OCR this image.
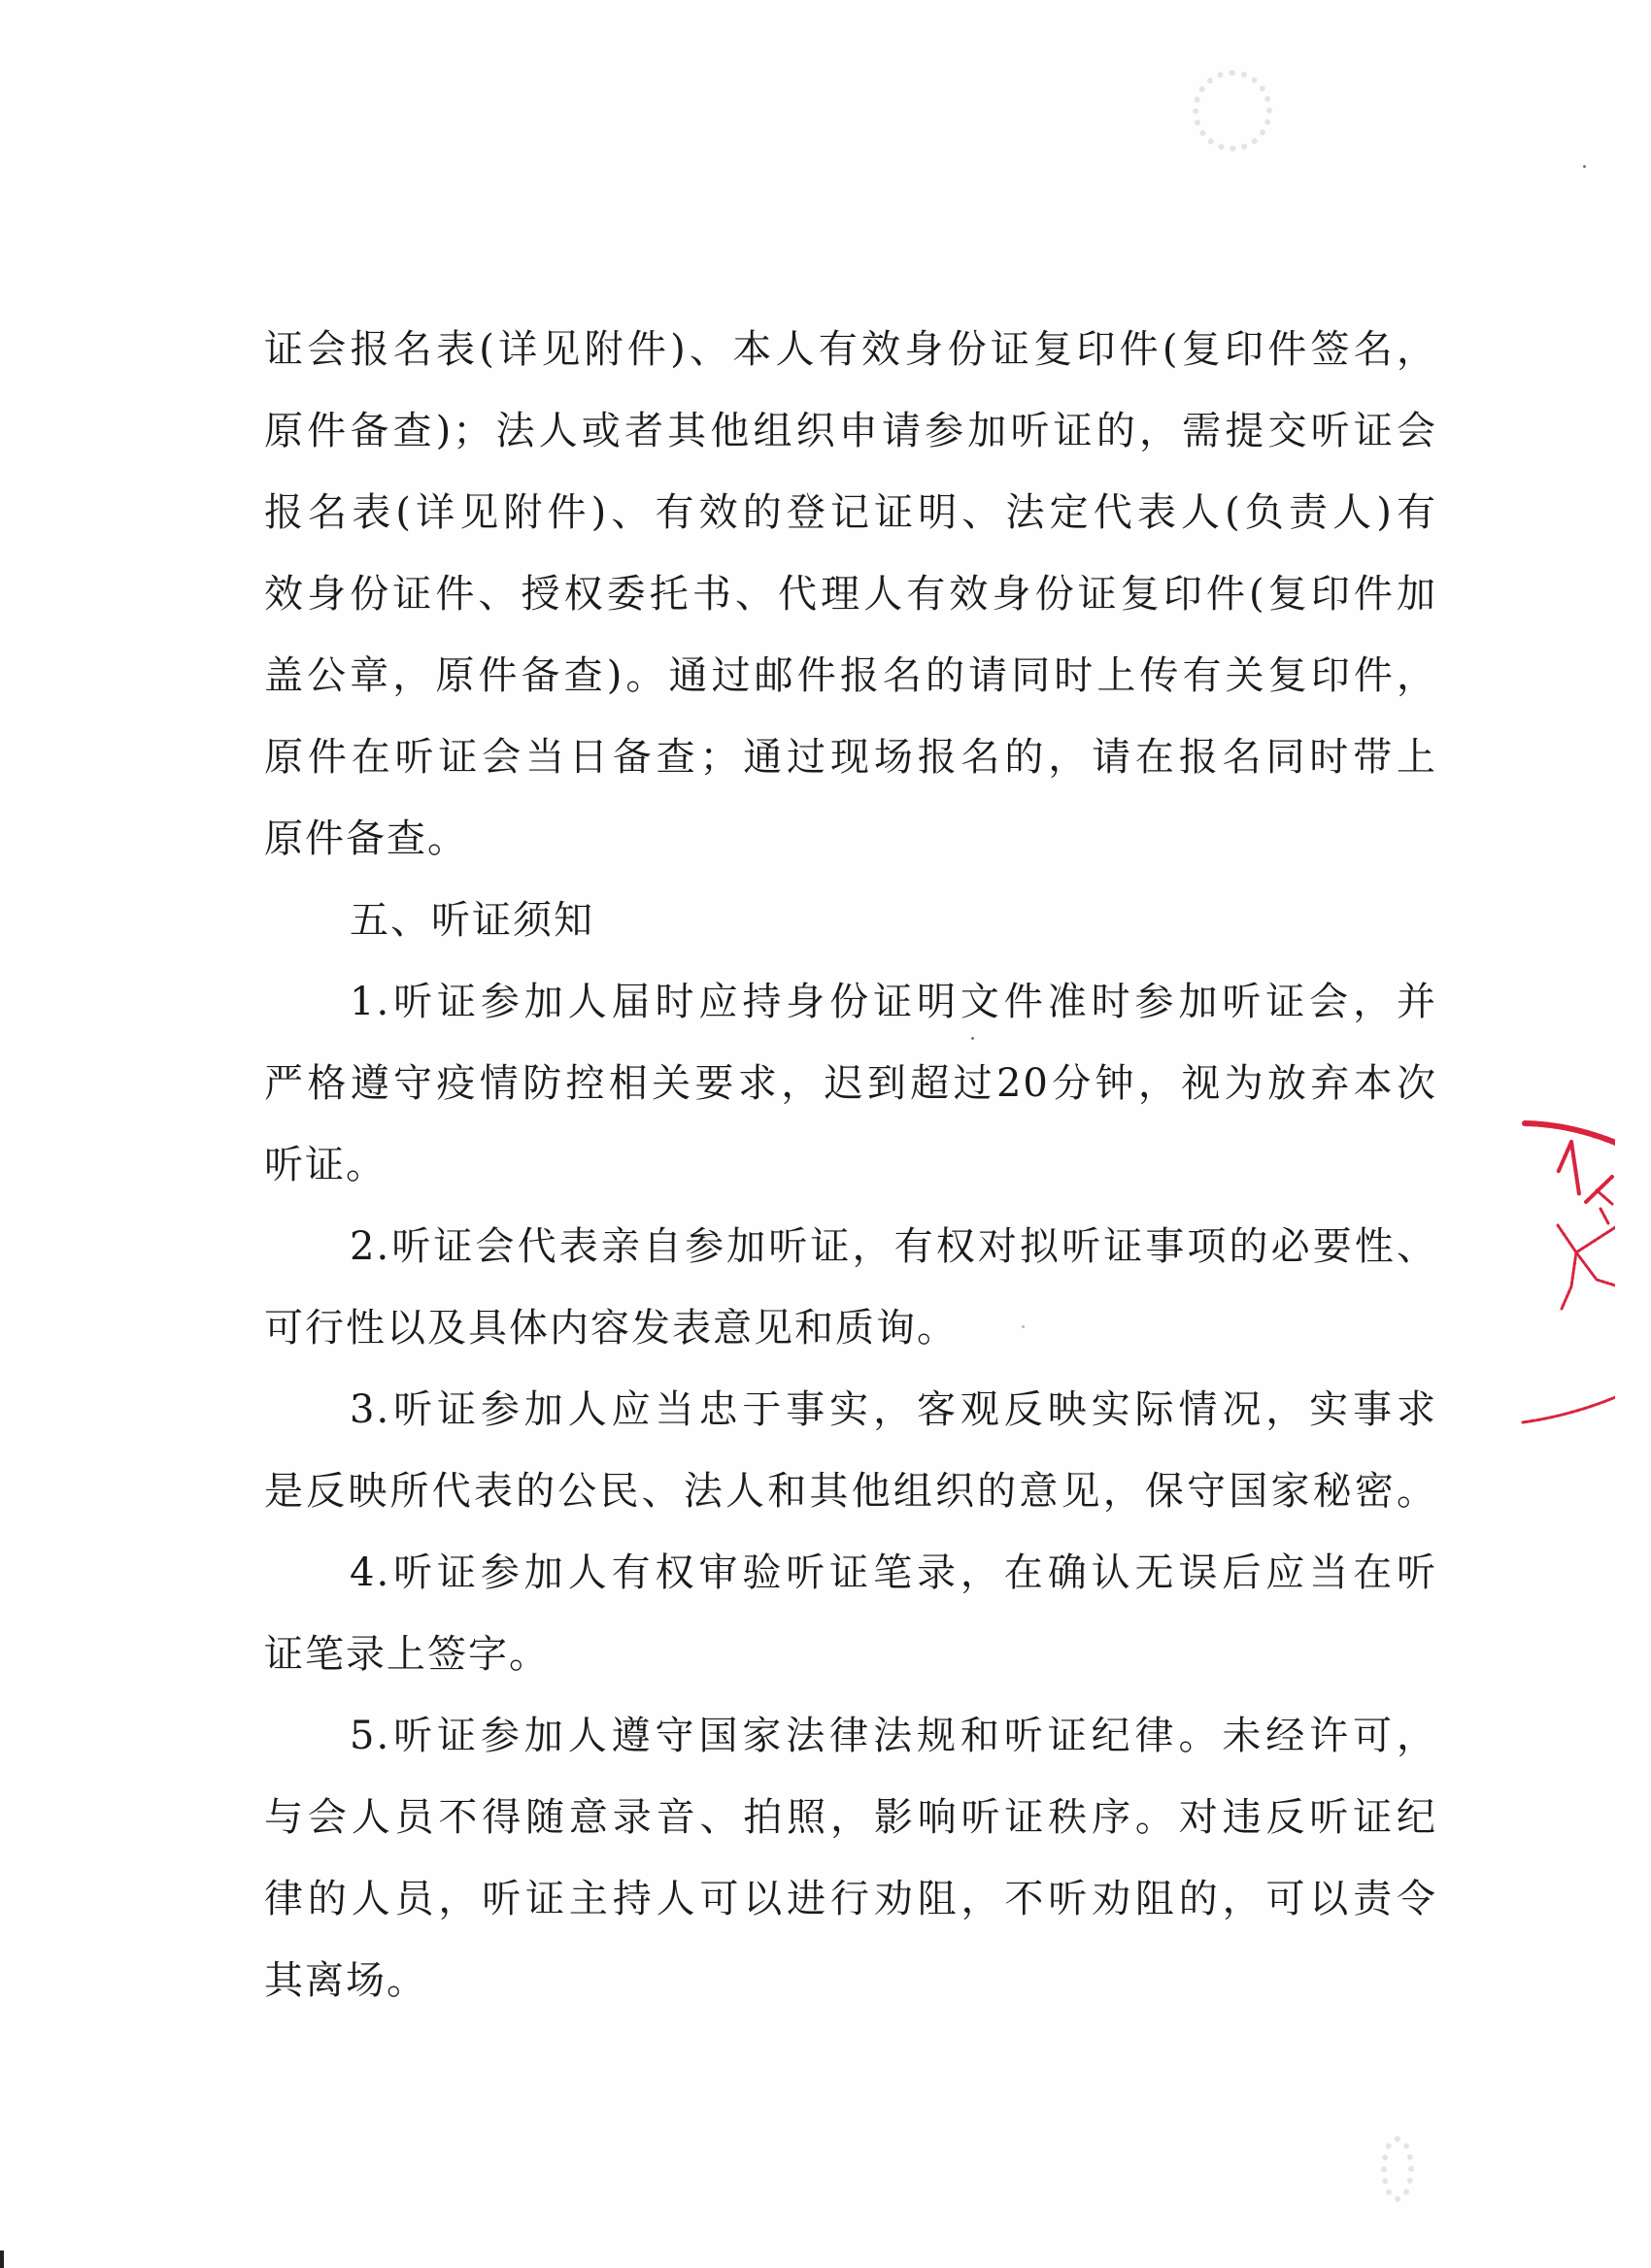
证会报名表(详见附件)、本人有效身份证复印件(复印件签名，
原件备查)；法人或者其他组织申请参加听证的，需提交听证会
报名表(详见附件)、有效的登记证明、法定代表人(负责人)有
效身份证件、授权委托书、代理人有效身份证复印件(复印件加
盖公章，原件备查)。通过邮件报名的请同时上传有关复印件，
原件在听证会当日备查；通过现场报名的，请在报名同时带上
原件备查。
五、听证须知
1.听证参加人届时应持身份证明文件准时参加听证会，并
严格遵守疫情防控相关要求，迟到超过20分钟，视为放弃本次
听证。
2.听证会代表亲自参加听证，有权对拟听证事项的必要性、
可行性以及具体内容发表意见和质询。
3.听证参加人应当忠于事实，客观反映实际情况，实事求
是反映所代表的公民、法人和其他组织的意见，保守国家秘密。
4.听证参加人有权审验听证笔录，在确认无误后应当在听
证笔录上签字。
5.听证参加人遵守国家法律法规和听证纪律。未经许可，
与会人员不得随意录音、拍照，影响听证秩序。对违反听证纪
律的人员，听证主持人可以进行劝阻，不听劝阻的，可以责令
其离场。
